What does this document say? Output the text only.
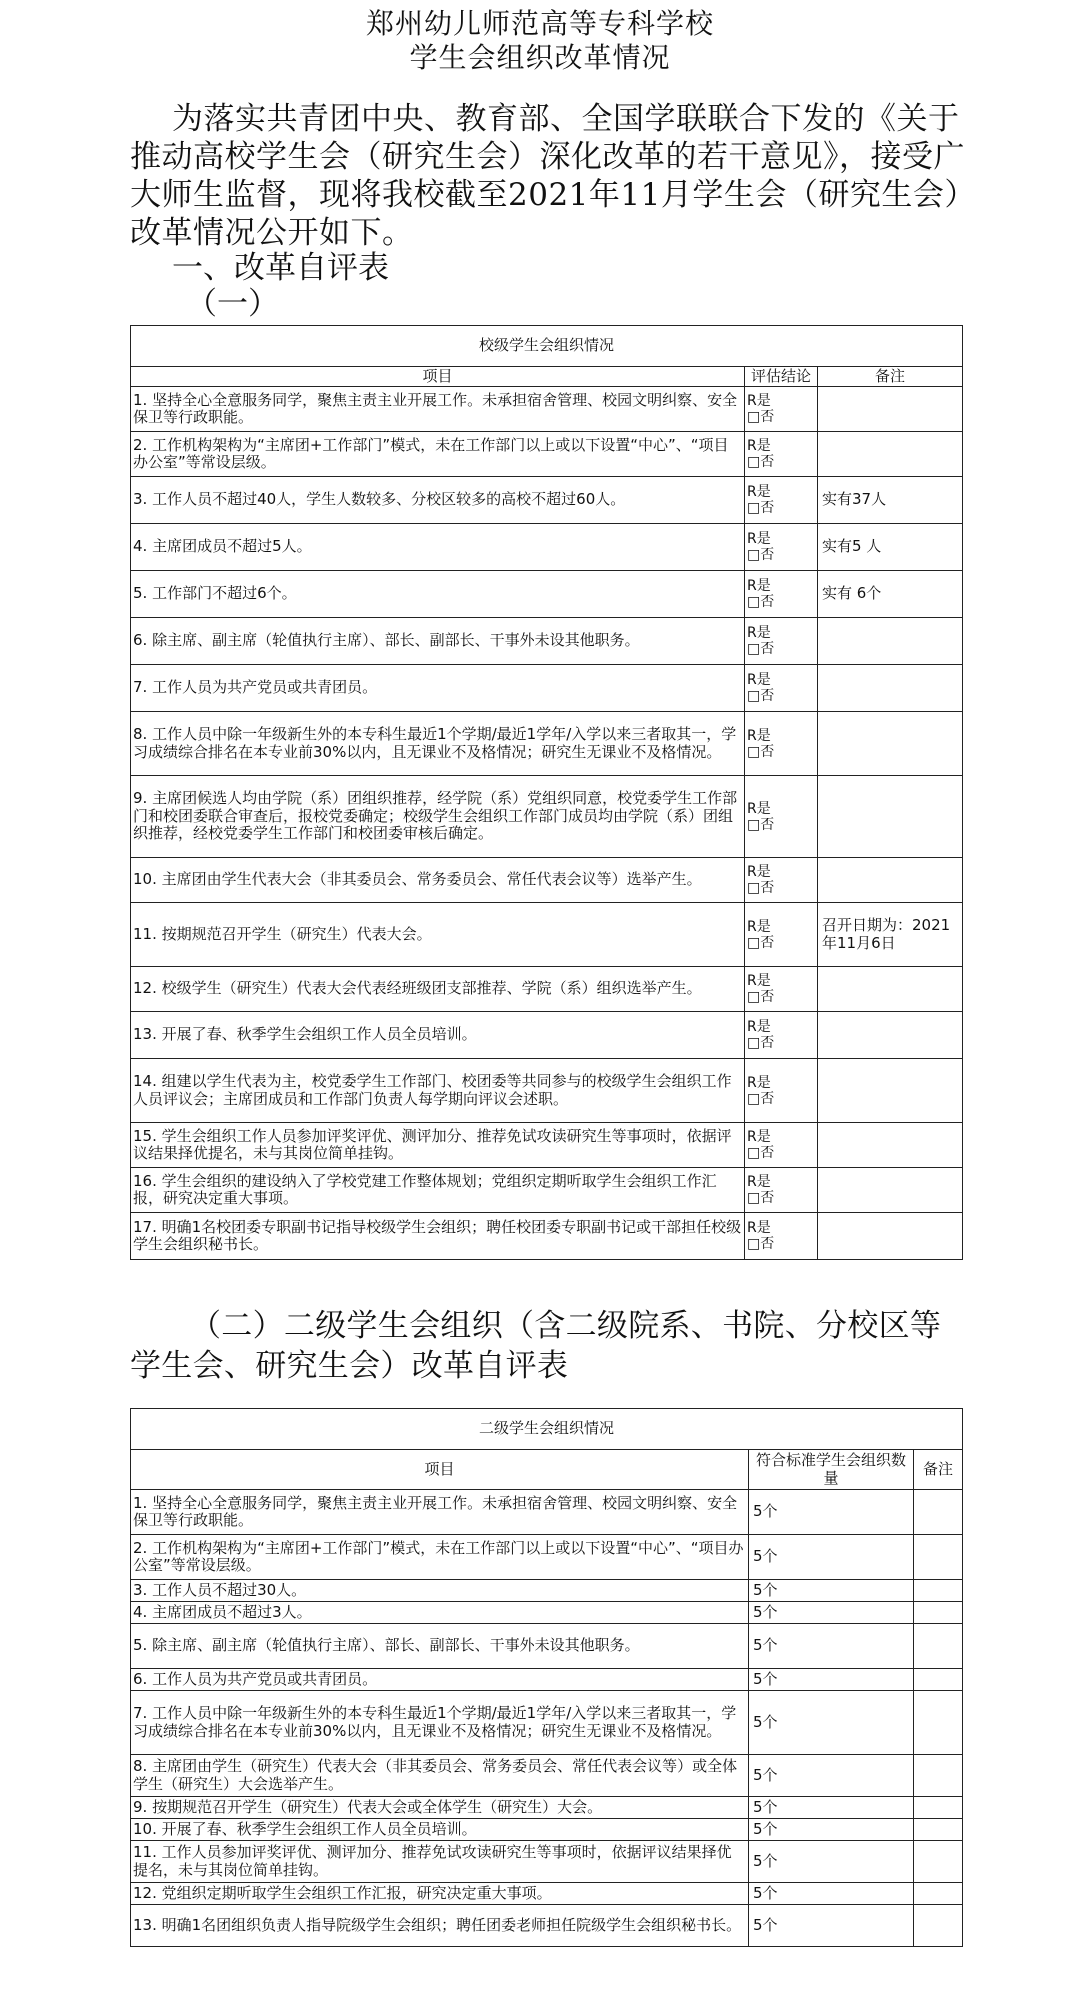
郑州幼儿师范高等专科学校
学生会组织改革情况

为落实共青团中央、教育部、全国学联联合下发的《关于推动高校学生会（研究生会）深化改革的若干意见》，接受广大师生监督，现将我校截至2021年11月学生会（研究生会）改革情况公开如下。

一、改革自评表
（一）
校级学生会组织情况		
项目	评估结论	备注
1. 坚持全心全意服务同学，聚焦主责主业开展工作。未承担宿舍管理、校园文明纠察、安全保卫等行政职能。	R是
□否	

2. 工作机构架构为“主席团+工作部门”模式，未在工作部门以上或以下设置“中心”、“项目办公室”等常设层级。	R是
□否	

3. 工作人员不超过40人，学生人数较多、分校区较多的高校不超过60人。	R是
□否	实有37人
4. 主席团成员不超过5人。	R是
□否	实有5 人
5. 工作部门不超过6个。	R是
□否	实有 6个
6. 除主席、副主席（轮值执行主席）、部长、副部长、干事外未设其他职务。	R是
□否	

7. 工作人员为共产党员或共青团员。	R是
□否	

8. 工作人员中除一年级新生外的本专科生最近1个学期/最近1学年/入学以来三者取其一，学习成绩综合排名在本专业前30%以内，且无课业不及格情况；研究生无课业不及格情况。	R是
□否	

9. 主席团候选人均由学院（系）团组织推荐，经学院（系）党组织同意，校党委学生工作部门和校团委联合审查后，报校党委确定；校级学生会组织工作部门成员均由学院（系）团组织推荐，经校党委学生工作部门和校团委审核后确定。	R是
□否	

10. 主席团由学生代表大会（非其委员会、常务委员会、常任代表会议等）选举产生。	R是
□否	

11. 按期规范召开学生（研究生）代表大会。	R是
□否	召开日期为：2021年11月6日
12. 校级学生（研究生）代表大会代表经班级团支部推荐、学院（系）组织选举产生。	R是
□否	

13. 开展了春、秋季学生会组织工作人员全员培训。	R是
□否	

14. 组建以学生代表为主，校党委学生工作部门、校团委等共同参与的校级学生会组织工作人员评议会；主席团成员和工作部门负责人每学期向评议会述职。	R是
□否	

15. 学生会组织工作人员参加评奖评优、测评加分、推荐免试攻读研究生等事项时，依据评议结果择优提名，未与其岗位简单挂钩。	R是
□否	

16. 学生会组织的建设纳入了学校党建工作整体规划；党组织定期听取学生会组织工作汇报，研究决定重大事项。	R是
□否	

17. 明确1名校团委专职副书记指导校级学生会组织；聘任校团委专职副书记或干部担任校级学生会组织秘书长。	R是
□否	

（二）二级学生会组织（含二级院系、书院、分校区等学生会、研究生会）改革自评表

二级学生会组织情况		
项目	符合标准学生会组织数量	备注
1. 坚持全心全意服务同学，聚焦主责主业开展工作。未承担宿舍管理、校园文明纠察、安全保卫等行政职能。	5个	
2. 工作机构架构为“主席团+工作部门”模式，未在工作部门以上或以下设置“中心”、“项目办公室”等常设层级。	5个	
3. 工作人员不超过30人。	5个	
4. 主席团成员不超过3人。	5个	
5. 除主席、副主席（轮值执行主席）、部长、副部长、干事外未设其他职务。	5个	
6. 工作人员为共产党员或共青团员。	5个	
7. 工作人员中除一年级新生外的本专科生最近1个学期/最近1学年/入学以来三者取其一，学习成绩综合排名在本专业前30%以内，且无课业不及格情况；研究生无课业不及格情况。	5个	
8. 主席团由学生（研究生）代表大会（非其委员会、常务委员会、常任代表会议等）或全体学生（研究生）大会选举产生。	5个	
9. 按期规范召开学生（研究生）代表大会或全体学生（研究生）大会。	5个	
10. 开展了春、秋季学生会组织工作人员全员培训。	5个	
11. 工作人员参加评奖评优、测评加分、推荐免试攻读研究生等事项时，依据评议结果择优提名，未与其岗位简单挂钩。	5个	
12. 党组织定期听取学生会组织工作汇报，研究决定重大事项。	5个	
13. 明确1名团组织负责人指导院级学生会组织；聘任团委老师担任院级学生会组织秘书长。	5个	
